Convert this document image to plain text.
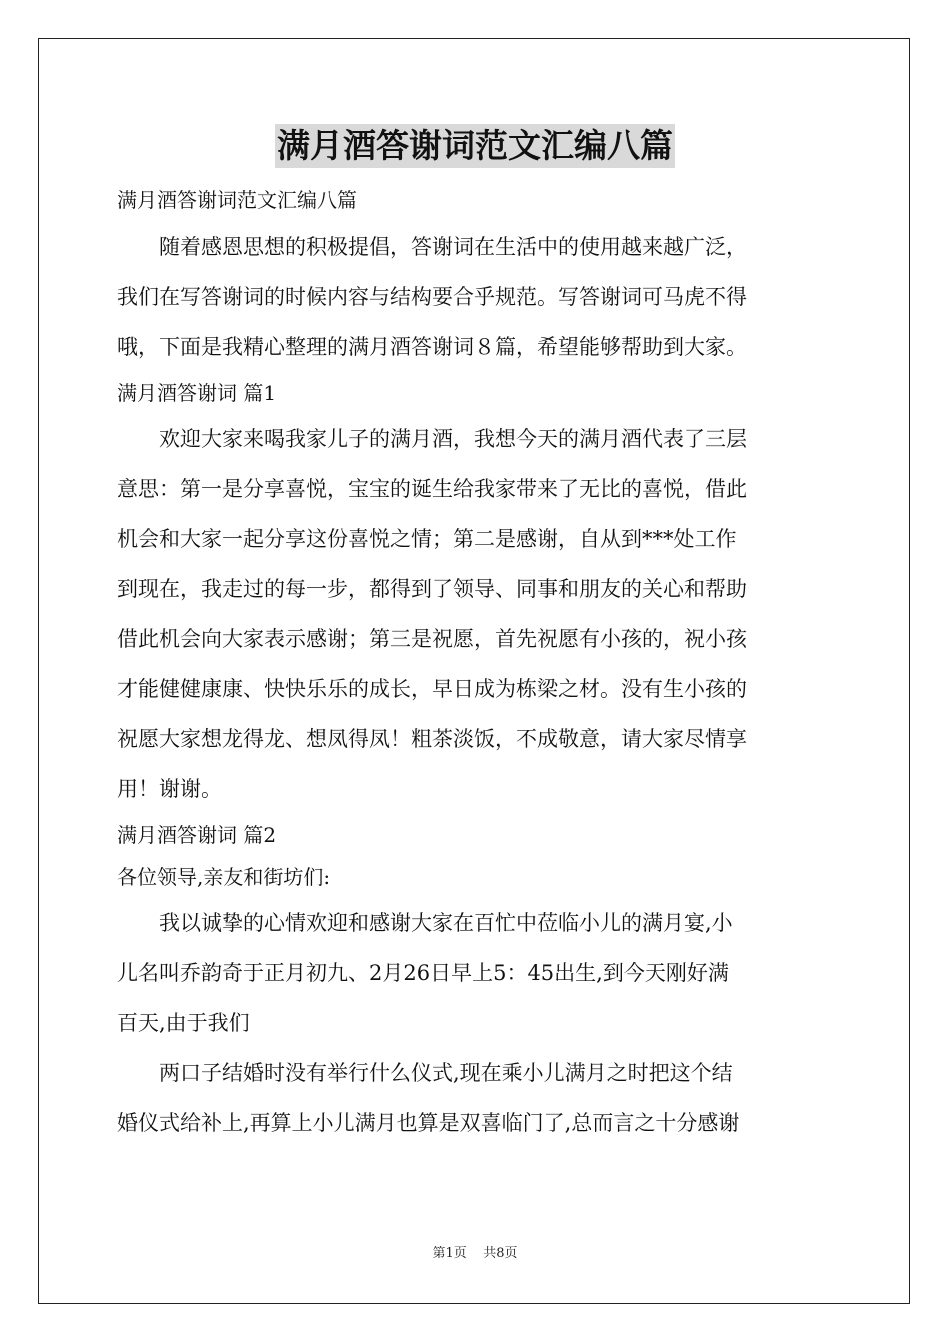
满月酒答谢词范文汇编八篇
满月酒答谢词范文汇编八篇
随着感恩思想的积极提倡，答谢词在生活中的使用越来越广泛，
我们在写答谢词的时候内容与结构要合乎规范。写答谢词可马虎不得
哦，下面是我精心整理的满月酒答谢词８篇，希望能够帮助到大家。
满月酒答谢词 篇1
欢迎大家来喝我家儿子的满月酒，我想今天的满月酒代表了三层
意思：第一是分享喜悦，宝宝的诞生给我家带来了无比的喜悦，借此
机会和大家一起分享这份喜悦之情；第二是感谢，自从到***处工作
到现在，我走过的每一步，都得到了领导、同事和朋友的关心和帮助
借此机会向大家表示感谢；第三是祝愿，首先祝愿有小孩的，祝小孩
才能健健康康、快快乐乐的成长，早日成为栋梁之材。没有生小孩的
祝愿大家想龙得龙、想凤得凤！粗茶淡饭，不成敬意，请大家尽情享
用！谢谢。
满月酒答谢词 篇2
各位领导,亲友和街坊们:
我以诚挚的心情欢迎和感谢大家在百忙中莅临小儿的满月宴,小
儿名叫乔韵奇于正月初九、2月26日早上5：45出生,到今天刚好满
百天,由于我们
两口子结婚时没有举行什么仪式,现在乘小儿满月之时把这个结
婚仪式给补上,再算上小儿满月也算是双喜临门了,总而言之十分感谢
第1页 共8页
